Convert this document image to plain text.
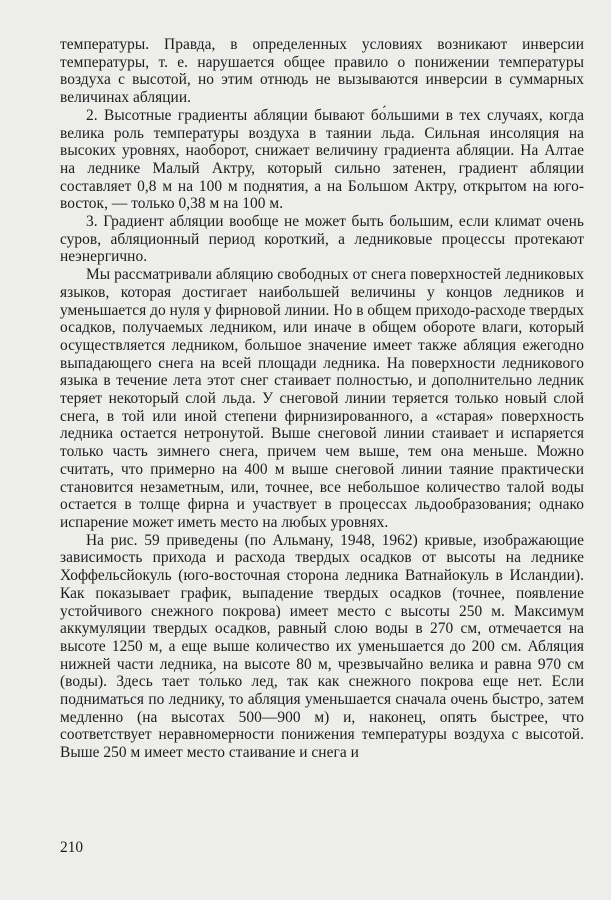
температуры. Правда, в определенных условиях возникают инверсии температуры, т. е. нарушается общее правило о понижении температуры воздуха с высотой, но этим отнюдь не вызываются инверсии в суммарных величинах абляции.

2. Высотные градиенты абляции бывают бо́льшими в тех случаях, когда велика роль температуры воздуха в таянии льда. Сильная инсоляция на высоких уровнях, наоборот, снижает величину градиента абляции. На Алтае на леднике Малый Актру, который сильно затенен, градиент абляции составляет 0,8 м на 100 м поднятия, а на Большом Актру, открытом на юго-восток, — только 0,38 м на 100 м.

3. Градиент абляции вообще не может быть большим, если климат очень суров, абляционный период короткий, а ледниковые процессы протекают неэнергично.

Мы рассматривали абляцию свободных от снега поверхностей ледниковых языков, которая достигает наибольшей величины у концов ледников и уменьшается до нуля у фирновой линии. Но в общем приходо-расходе твердых осадков, получаемых ледником, или иначе в общем обороте влаги, который осуществляется ледником, большое значение имеет также абляция ежегодно выпадающего снега на всей площади ледника. На поверхности ледникового языка в течение лета этот снег стаивает полностью, и дополнительно ледник теряет некоторый слой льда. У снеговой линии теряется только новый слой снега, в той или иной степени фирнизированного, а «старая» поверхность ледника остается нетронутой. Выше снеговой линии стаивает и испаряется только часть зимнего снега, причем чем выше, тем она меньше. Можно считать, что примерно на 400 м выше снеговой линии таяние практически становится незаметным, или, точнее, все небольшое количество талой воды остается в толще фирна и участвует в процессах льдообразования; однако испарение может иметь место на любых уровнях.

На рис. 59 приведены (по Альману, 1948, 1962) кривые, изображающие зависимость прихода и расхода твердых осадков от высоты на леднике Хоффельсйокуль (юго-восточная сторона ледника Ватнайокуль в Исландии). Как показывает график, выпадение твердых осадков (точнее, появление устойчивого снежного покрова) имеет место с высоты 250 м. Максимум аккумуляции твердых осадков, равный слою воды в 270 см, отмечается на высоте 1250 м, а еще выше количество их уменьшается до 200 см. Абляция нижней части ледника, на высоте 80 м, чрезвычайно велика и равна 970 см (воды). Здесь тает то́лько лед, так как снежного покрова еще нет. Если подниматься по леднику, то абляция уменьшается сначала очень быстро, затем медленно (на высотах 500—900 м) и, наконец, опять быстрее, что соответствует неравномерности понижения температуры воздуха с высотой. Выше 250 м имеет место стаивание и снега и

210
